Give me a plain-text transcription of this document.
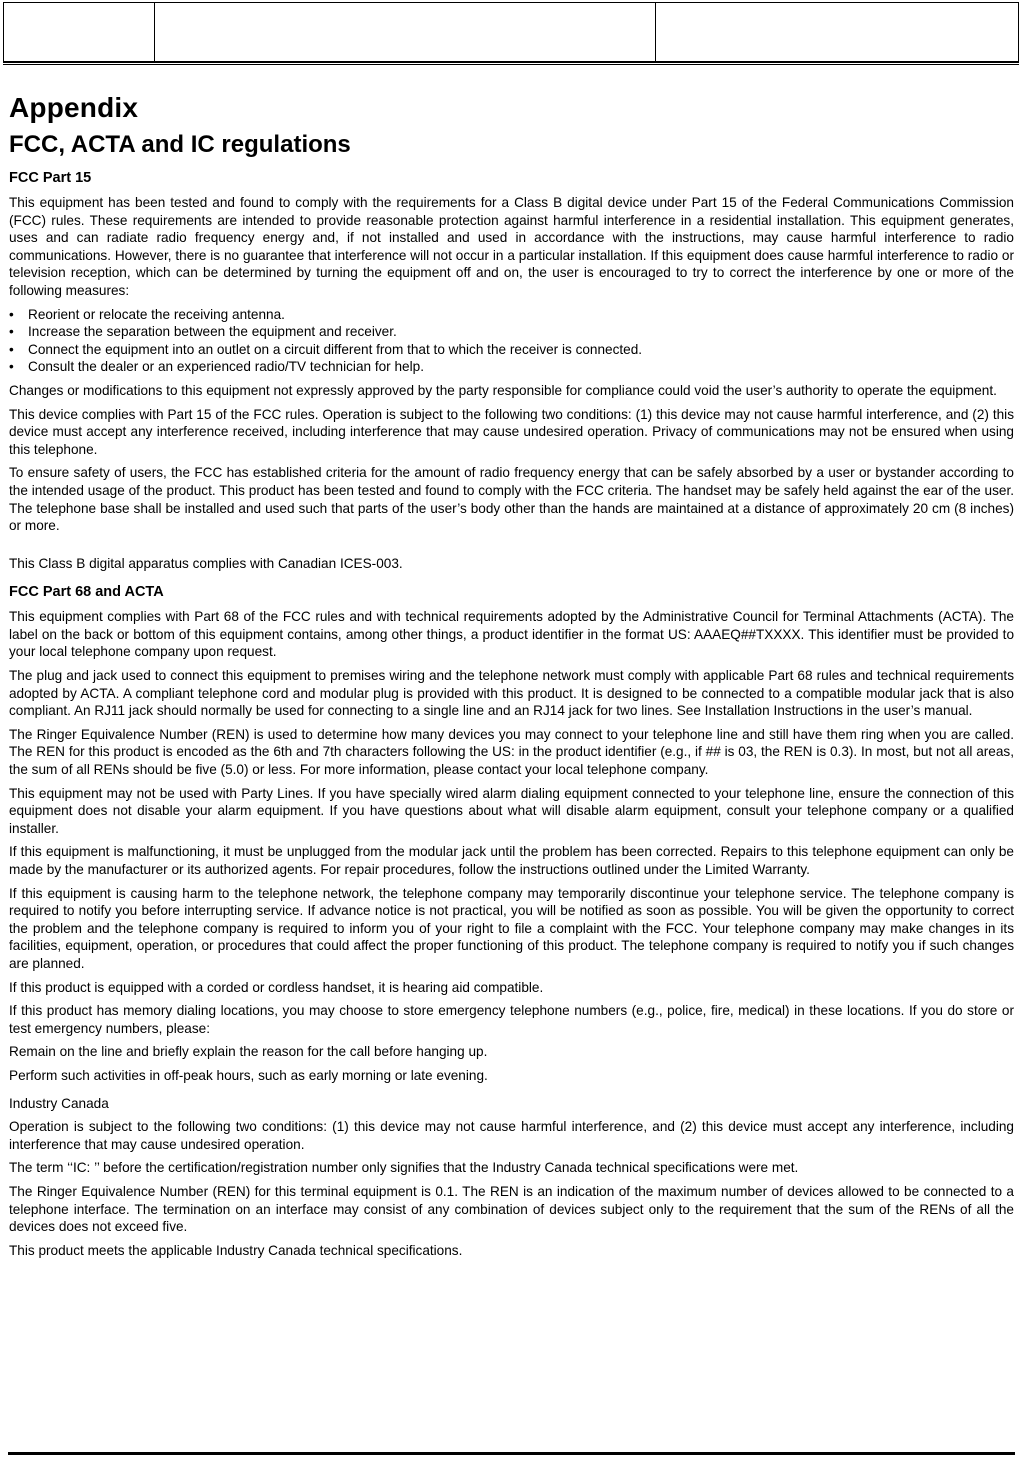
Appendix
FCC, ACTA and IC regulations
FCC Part 15

This equipment has been tested and found to comply with the requirements for a Class B digital device under Part 15 of the Federal Communications Commission (FCC) rules. These requirements are intended to provide reasonable protection against harmful interference in a residential installation. This equipment generates, uses and can radiate radio frequency energy and, if not installed and used in accordance with the instructions, may cause harmful interference to radio communications. However, there is no guarantee that interference will not occur in a particular installation. If this equipment does cause harmful interference to radio or television reception, which can be determined by turning the equipment off and on, the user is encouraged to try to correct the interference by one or more of the following measures:

• Reorient or relocate the receiving antenna.
• Increase the separation between the equipment and receiver.
• Connect the equipment into an outlet on a circuit different from that to which the receiver is connected.
• Consult the dealer or an experienced radio/TV technician for help.

Changes or modifications to this equipment not expressly approved by the party responsible for compliance could void the user’s authority to operate the equipment.

This device complies with Part 15 of the FCC rules. Operation is subject to the following two conditions: (1) this device may not cause harmful interference, and (2) this device must accept any interference received, including interference that may cause undesired operation. Privacy of communications may not be ensured when using this telephone.

To ensure safety of users, the FCC has established criteria for the amount of radio frequency energy that can be safely absorbed by a user or bystander according to the intended usage of the product. This product has been tested and found to comply with the FCC criteria. The handset may be safely held against the ear of the user. The telephone base shall be installed and used such that parts of the user’s body other than the hands are maintained at a distance of approximately 20 cm (8 inches) or more.

This Class B digital apparatus complies with Canadian ICES-003.

FCC Part 68 and ACTA

This equipment complies with Part 68 of the FCC rules and with technical requirements adopted by the Administrative Council for Terminal Attachments (ACTA). The label on the back or bottom of this equipment contains, among other things, a product identifier in the format US: AAAEQ##TXXXX. This identifier must be provided to your local telephone company upon request.

The plug and jack used to connect this equipment to premises wiring and the telephone network must comply with applicable Part 68 rules and technical requirements adopted by ACTA. A compliant telephone cord and modular plug is provided with this product. It is designed to be connected to a compatible modular jack that is also compliant. An RJ11 jack should normally be used for connecting to a single line and an RJ14 jack for two lines. See Installation Instructions in the user’s manual.

The Ringer Equivalence Number (REN) is used to determine how many devices you may connect to your telephone line and still have them ring when you are called. The REN for this product is encoded as the 6th and 7th characters following the US: in the product identifier (e.g., if ## is 03, the REN is 0.3). In most, but not all areas, the sum of all RENs should be five (5.0) or less. For more information, please contact your local telephone company.

This equipment may not be used with Party Lines. If you have specially wired alarm dialing equipment connected to your telephone line, ensure the connection of this equipment does not disable your alarm equipment. If you have questions about what will disable alarm equipment, consult your telephone company or a qualified installer.

If this equipment is malfunctioning, it must be unplugged from the modular jack until the problem has been corrected. Repairs to this telephone equipment can only be made by the manufacturer or its authorized agents. For repair procedures, follow the instructions outlined under the Limited Warranty.

If this equipment is causing harm to the telephone network, the telephone company may temporarily discontinue your telephone service. The telephone company is required to notify you before interrupting service. If advance notice is not practical, you will be notified as soon as possible. You will be given the opportunity to correct the problem and the telephone company is required to inform you of your right to file a complaint with the FCC. Your telephone company may make changes in its facilities, equipment, operation, or procedures that could affect the proper functioning of this product. The telephone company is required to notify you if such changes are planned.

If this product is equipped with a corded or cordless handset, it is hearing aid compatible.

If this product has memory dialing locations, you may choose to store emergency telephone numbers (e.g., police, fire, medical) in these locations. If you do store or test emergency numbers, please:

Remain on the line and briefly explain the reason for the call before hanging up.

Perform such activities in off-peak hours, such as early morning or late evening.

Industry Canada

Operation is subject to the following two conditions: (1) this device may not cause harmful interference, and (2) this device must accept any interference, including interference that may cause undesired operation.

The term ‘‘IC: ’’ before the certification/registration number only signifies that the Industry Canada technical specifications were met.

The Ringer Equivalence Number (REN) for this terminal equipment is 0.1. The REN is an indication of the maximum number of devices allowed to be connected to a telephone interface. The termination on an interface may consist of any combination of devices subject only to the requirement that the sum of the RENs of all the devices does not exceed five.

This product meets the applicable Industry Canada technical specifications.
